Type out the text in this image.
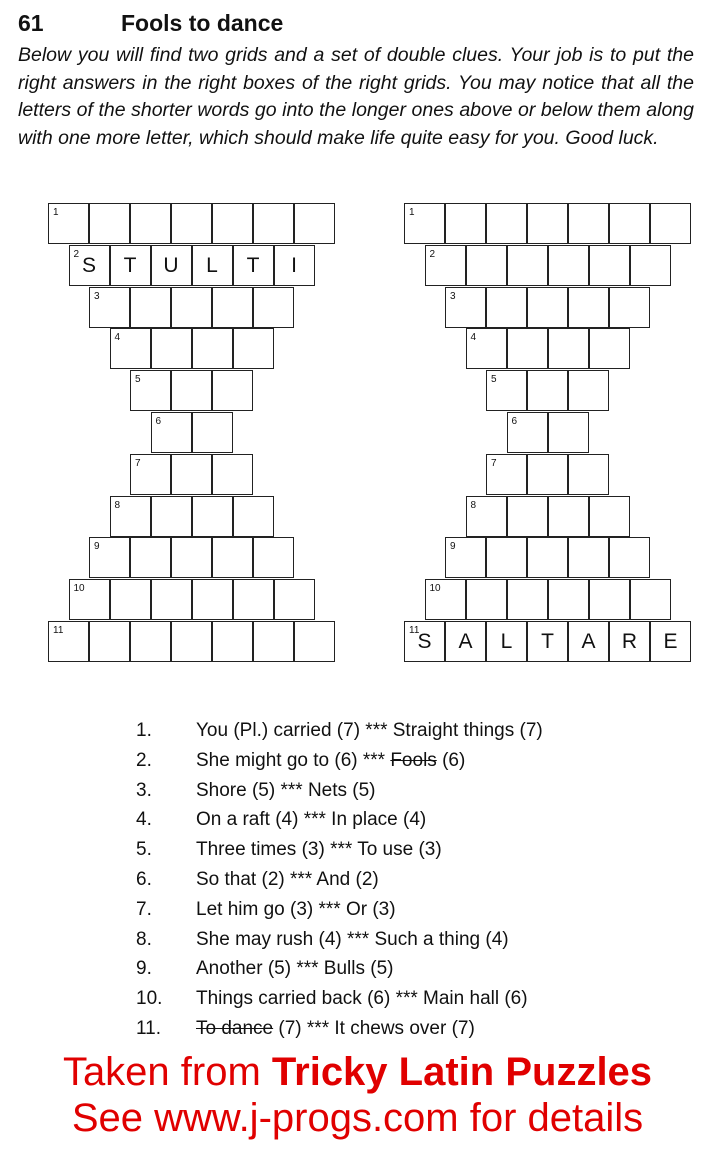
61	Fools to dance
Below you will find two grids and a set of double clues. Your job is to put the right answers in the right boxes of the right grids. You may notice that all the letters of the shorter words go into the longer ones above or below them along with one more letter, which should make life quite easy for you. Good luck.
1
2 S	T	U	L	T	I
3
4
5
6
7
8
9
10
11
1
2
3
4
5
6
7
8
9
10
11
S	A	L	T	A	R	E
1. You (Pl.) carried (7) *** Straight things (7)
2. She might go to (6) *** Fools (6)
3. Shore (5) *** Nets (5)
4. On a raft (4) *** In place (4)
5. Three times (3) *** To use (3)
6. So that (2) *** And (2)
7. Let him go (3) *** Or (3)
8. She may rush (4) *** Such a thing (4)
9. Another (5) *** Bulls (5)
10. Things carried back (6) *** Main hall (6)
11. To dance (7) *** It chews over (7)
Taken from Tricky Latin Puzzles
See www.j-progs.com for details
